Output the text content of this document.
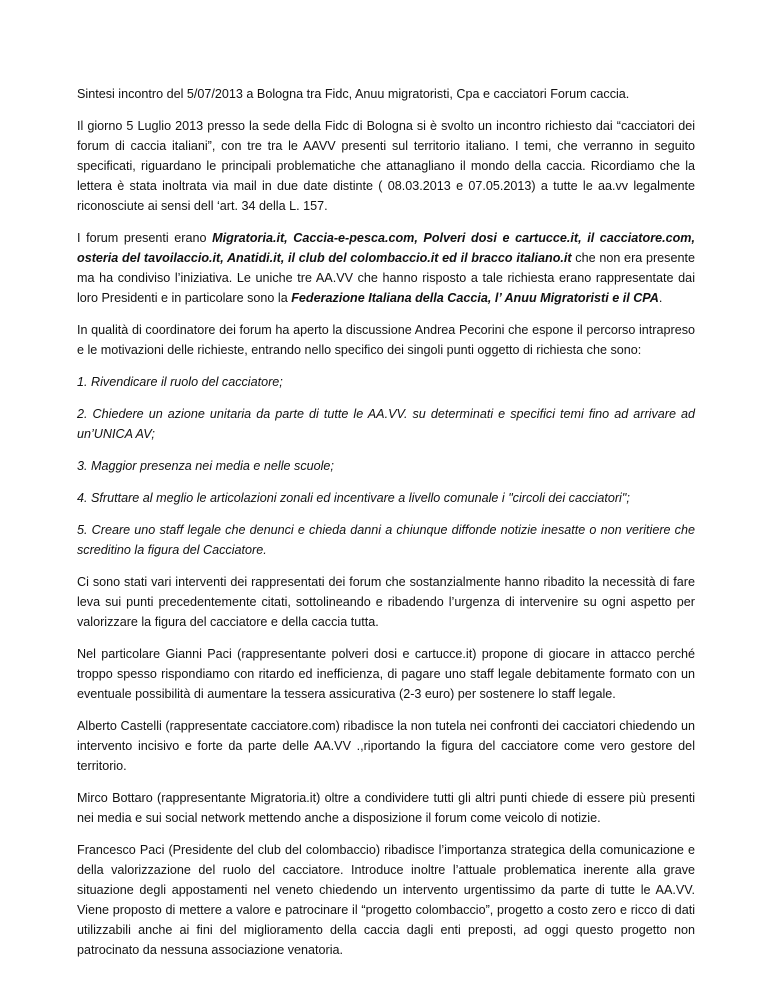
Sintesi incontro del 5/07/2013 a Bologna tra Fidc, Anuu migratoristi, Cpa e cacciatori Forum caccia.

Il giorno 5 Luglio 2013 presso la sede della Fidc di Bologna si è svolto un incontro richiesto dai “cacciatori dei forum di caccia italiani”, con tre tra le AAVV presenti sul territorio italiano. I temi, che verranno in seguito specificati, riguardano le principali problematiche che attanagliano il mondo della caccia. Ricordiamo che la lettera è stata inoltrata via mail in due date distinte ( 08.03.2013 e 07.05.2013) a tutte le aa.vv legalmente riconosciute ai sensi dell ‘art. 34 della L. 157.

I forum presenti erano Migratoria.it, Caccia-e-pesca.com, Polveri dosi e cartucce.it, il cacciatore.com, osteria del tavoilaccio.it, Anatidi.it, il club del colombaccio.it ed il bracco italiano.it che non era presente ma ha condiviso l’iniziativa. Le uniche tre AA.VV che hanno risposto a tale richiesta erano rappresentate dai loro Presidenti e in particolare sono la Federazione Italiana della Caccia, l’ Anuu Migratoristi e il CPA.

In qualità di coordinatore dei forum ha aperto la discussione Andrea Pecorini che espone il percorso intrapreso e le motivazioni delle richieste, entrando nello specifico dei singoli punti oggetto di richiesta che sono:

1. Rivendicare il ruolo del cacciatore;

2. Chiedere un azione unitaria da parte di tutte le AA.VV. su determinati e specifici temi fino ad arrivare ad un’UNICA AV;

3. Maggior presenza nei media e nelle scuole;

4. Sfruttare al meglio le articolazioni zonali ed incentivare a livello comunale i "circoli dei cacciatori";

5. Creare uno staff legale che denunci e chieda danni a chiunque diffonde notizie inesatte o non veritiere che screditino la figura del Cacciatore.

Ci sono stati vari interventi dei rappresentati dei forum che sostanzialmente hanno ribadito la necessità di fare leva sui punti precedentemente citati, sottolineando e ribadendo l’urgenza di intervenire su ogni aspetto per valorizzare la figura del cacciatore e della caccia tutta.

Nel particolare Gianni Paci (rappresentante polveri dosi e cartucce.it) propone di giocare in attacco perché troppo spesso rispondiamo con ritardo ed inefficienza, di pagare uno staff legale debitamente formato con un eventuale possibilità di aumentare la tessera assicurativa (2-3 euro) per sostenere lo staff legale.

Alberto Castelli (rappresentate cacciatore.com) ribadisce la non tutela nei confronti dei cacciatori chiedendo un intervento incisivo e forte da parte delle AA.VV .,riportando la figura del cacciatore come vero gestore del territorio.

Mirco Bottaro (rappresentante Migratoria.it) oltre a condividere tutti gli altri punti chiede di essere più presenti nei media e sui social network mettendo anche a disposizione il forum come veicolo di notizie.

Francesco Paci (Presidente del club del colombaccio) ribadisce l’importanza strategica della comunicazione e della valorizzazione del ruolo del cacciatore. Introduce inoltre l’attuale problematica inerente alla grave situazione degli appostamenti nel veneto chiedendo un intervento urgentissimo da parte di tutte le AA.VV. Viene proposto di mettere a valore e patrocinare il “progetto colombaccio”, progetto a costo zero e ricco di dati utilizzabili anche ai fini del miglioramento della caccia dagli enti preposti, ad oggi questo progetto non patrocinato da nessuna associazione venatoria.
